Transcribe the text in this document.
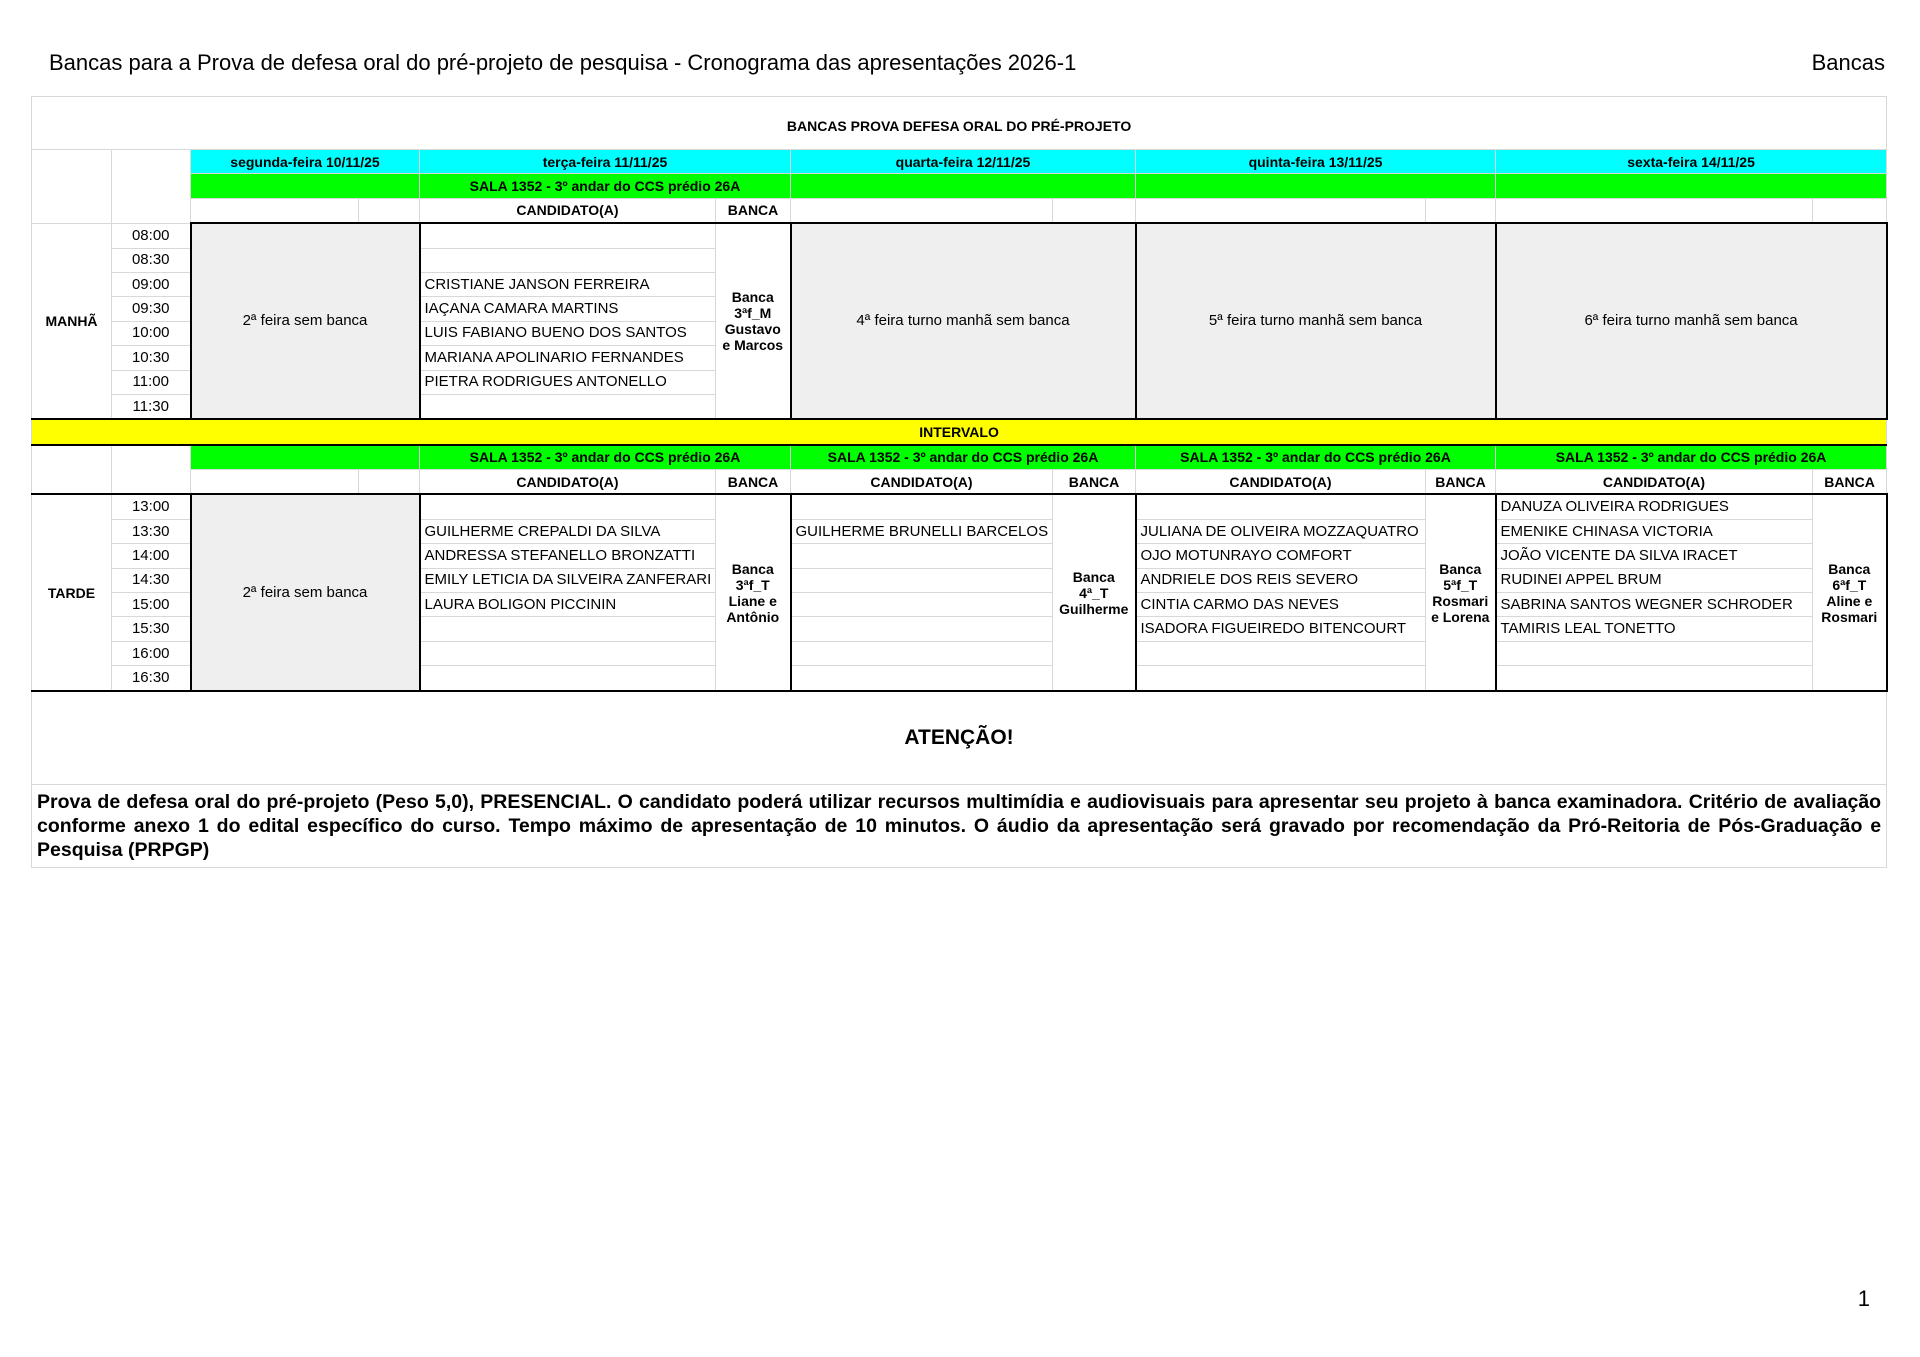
Bancas para a Prova de defesa oral do pré-projeto de pesquisa - Cronograma das apresentações 2026-1	Bancas
BANCAS PROVA DEFESA ORAL DO PRÉ-PROJETO											
		segunda-feira 10/11/25		terça-feira 11/11/25		quarta-feira 12/11/25		quinta-feira 13/11/25		sexta-feira 14/11/25	
				SALA 1352 - 3º andar do CCS prédio 26A							
				CANDIDATO(A)	BANCA						
MANHÃ	08:00	2ª feira sem banca			Banca 3ªf_M Gustavo e Marcos	4ª feira turno manhã sem banca		5ª feira turno manhã sem banca		6ª feira turno manhã sem banca	
	08:30										
	09:00			CRISTIANE JANSON FERREIRA							
	09:30			IAÇANA CAMARA MARTINS							
	10:00			LUIS FABIANO BUENO DOS SANTOS							
	10:30			MARIANA APOLINARIO FERNANDES							
	11:00			PIETRA RODRIGUES ANTONELLO							
	11:30										
INTERVALO											
				SALA 1352 - 3º andar do CCS prédio 26A		SALA 1352 - 3º andar do CCS prédio 26A		SALA 1352 - 3º andar do CCS prédio 26A		SALA 1352 - 3º andar do CCS prédio 26A	
				CANDIDATO(A)	BANCA	CANDIDATO(A)	BANCA	CANDIDATO(A)	BANCA	CANDIDATO(A)	BANCA
TARDE	13:00	2ª feira sem banca			Banca 3ªf_T Liane e Antônio		Banca 4ª_T Guilherme		Banca 5ªf_T Rosmari e Lorena	DANUZA OLIVEIRA RODRIGUES	Banca 6ªf_T Aline e Rosmari
	13:30			GUILHERME CREPALDI DA SILVA		GUILHERME BRUNELLI BARCELOS		JULIANA DE OLIVEIRA MOZZAQUATRO		EMENIKE CHINASA VICTORIA	
	14:00			ANDRESSA STEFANELLO BRONZATTI				OJO MOTUNRAYO COMFORT		JOÃO VICENTE DA SILVA IRACET	
	14:30			EMILY LETICIA DA SILVEIRA ZANFERARI				ANDRIELE DOS REIS SEVERO		RUDINEI APPEL BRUM	
	15:00			LAURA BOLIGON PICCININ				CINTIA CARMO DAS NEVES		SABRINA SANTOS WEGNER SCHRODER	
	15:30							ISADORA FIGUEIREDO BITENCOURT		TAMIRIS LEAL TONETTO	
	16:00										
	16:30										
ATENÇÃO!											
Prova de defesa oral do pré-projeto (Peso 5,0), PRESENCIAL. O candidato poderá utilizar recursos multimídia e audiovisuais para apresentar seu projeto à banca examinadora. Critério de avaliação conforme anexo 1 do edital específico do curso. Tempo máximo de apresentação de 10 minutos. O áudio da apresentação será gravado por recomendação da Pró-Reitoria de Pós-Graduação e Pesquisa (PRPGP)											
1
